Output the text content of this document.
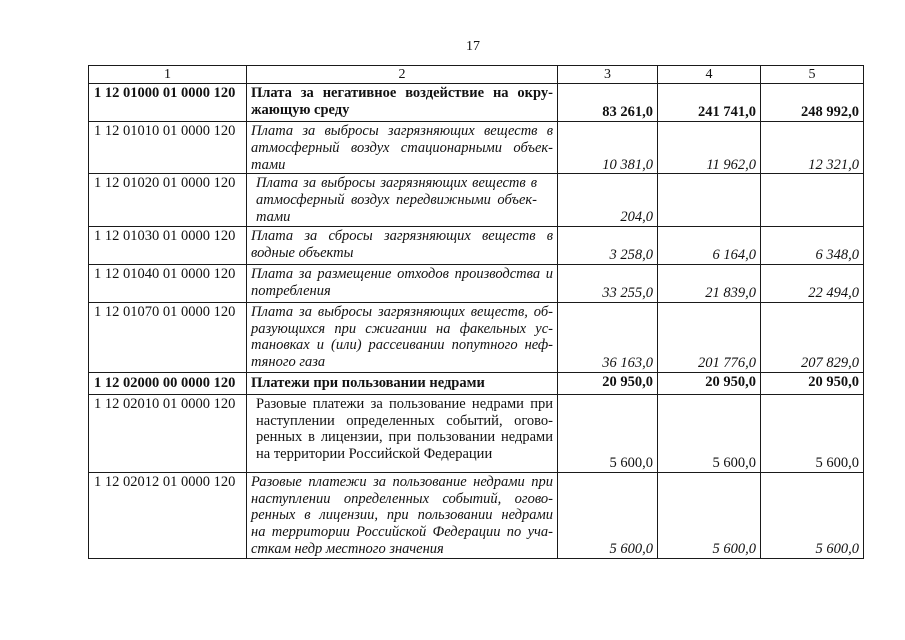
17
1	2	3	4	5
1 12 01000 01 0000 120	Плата за негативное воздействие на окру-
жающую среду	83 261,0	241 741,0	248 992,0
1 12 01010 01 0000 120	Плата за выбросы загрязняющих веществ в
атмосферный воздух стационарными объек-
тами	10 381,0	11 962,0	12 321,0
1 12 01020 01 0000 120	Плата за выбросы загрязняющих веществ в
атмосферный воздух передвижными объек-
тами	204,0		
1 12 01030 01 0000 120	Плата за сбросы загрязняющих веществ в
водные объекты	3 258,0	6 164,0	6 348,0
1 12 01040 01 0000 120	Плата за размещение отходов производства и
потребления	33 255,0	21 839,0	22 494,0
1 12 01070 01 0000 120	Плата за выбросы загрязняющих веществ, об-
разующихся при сжигании на факельных ус-
тановках и (или) рассеивании попутного неф-
тяного газа	36 163,0	201 776,0	207 829,0
1 12 02000 00 0000 120	Платежи при пользовании недрами	20 950,0	20 950,0	20 950,0
1 12 02010 01 0000 120	Разовые платежи за пользование недрами при
наступлении определенных событий, огово-
ренных в лицензии, при пользовании недрами
на территории Российской Федерации	5 600,0	5 600,0	5 600,0
1 12 02012 01 0000 120	Разовые платежи за пользование недрами при
наступлении определенных событий, огово-
ренных в лицензии, при пользовании недрами
на территории Российской Федерации по уча-
сткам недр местного значения	5 600,0	5 600,0	5 600,0
